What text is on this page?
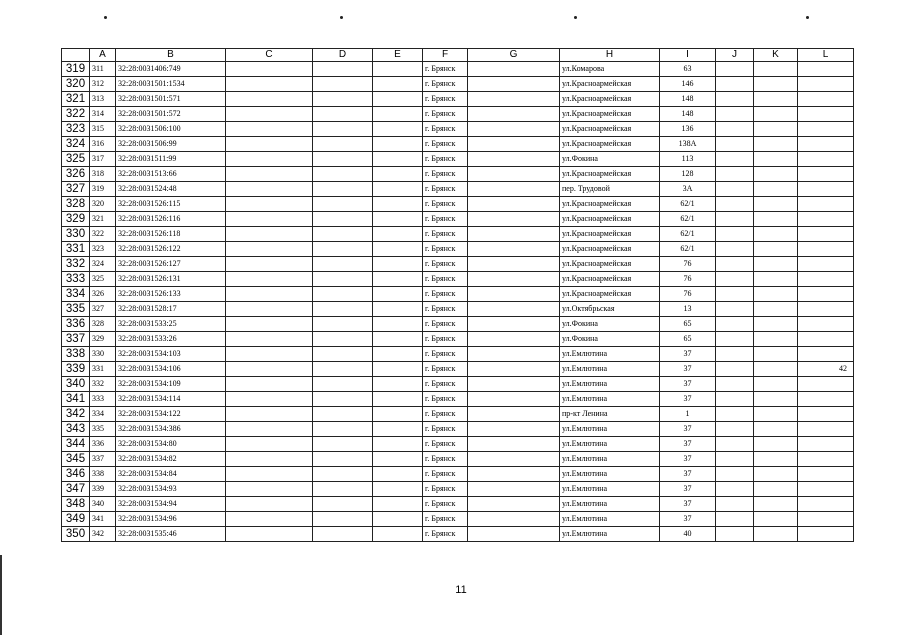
	A	B	C	D	E	F	G	H	I	J	K	L
319	311	32:28:0031406:749				г. Брянск		ул.Комарова	63			
320	312	32:28:0031501:1534				г. Брянск		ул.Красноармейская	146			
321	313	32:28:0031501:571				г. Брянск		ул.Красноармейская	148			
322	314	32:28:0031501:572				г. Брянск		ул.Красноармейская	148			
323	315	32:28:0031506:100				г. Брянск		ул.Красноармейская	136			
324	316	32:28:0031506:99				г. Брянск		ул.Красноармейская	138А			
325	317	32:28:0031511:99				г. Брянск		ул.Фокина	113			
326	318	32:28:0031513:66				г. Брянск		ул.Красноармейская	128			
327	319	32:28:0031524:48				г. Брянск		пер. Трудовой	3А			
328	320	32:28:0031526:115				г. Брянск		ул.Красноармейская	62/1			
329	321	32:28:0031526:116				г. Брянск		ул.Красноармейская	62/1			
330	322	32:28:0031526:118				г. Брянск		ул.Красноармейская	62/1			
331	323	32:28:0031526:122				г. Брянск		ул.Красноармейская	62/1			
332	324	32:28:0031526:127				г. Брянск		ул.Красноармейская	76			
333	325	32:28:0031526:131				г. Брянск		ул.Красноармейская	76			
334	326	32:28:0031526:133				г. Брянск		ул.Красноармейская	76			
335	327	32:28:0031528:17				г. Брянск		ул.Октябрьская	13			
336	328	32:28:0031533:25				г. Брянск		ул.Фокина	65			
337	329	32:28:0031533:26				г. Брянск		ул.Фокина	65			
338	330	32:28:0031534:103				г. Брянск		ул.Емлютина	37			
339	331	32:28:0031534:106				г. Брянск		ул.Емлютина	37			42
340	332	32:28:0031534:109				г. Брянск		ул.Емлютина	37			
341	333	32:28:0031534:114				г. Брянск		ул.Емлютина	37			
342	334	32:28:0031534:122				г. Брянск		пр-кт Ленина	1			
343	335	32:28:0031534:386				г. Брянск		ул.Емлютина	37			
344	336	32:28:0031534:80				г. Брянск		ул.Емлютина	37			
345	337	32:28:0031534:82				г. Брянск		ул.Емлютина	37			
346	338	32:28:0031534:84				г. Брянск		ул.Емлютина	37			
347	339	32:28:0031534:93				г. Брянск		ул.Емлютина	37			
348	340	32:28:0031534:94				г. Брянск		ул.Емлютина	37			
349	341	32:28:0031534:96				г. Брянск		ул.Емлютина	37			
350	342	32:28:0031535:46				г. Брянск		ул.Емлютина	40			
11
